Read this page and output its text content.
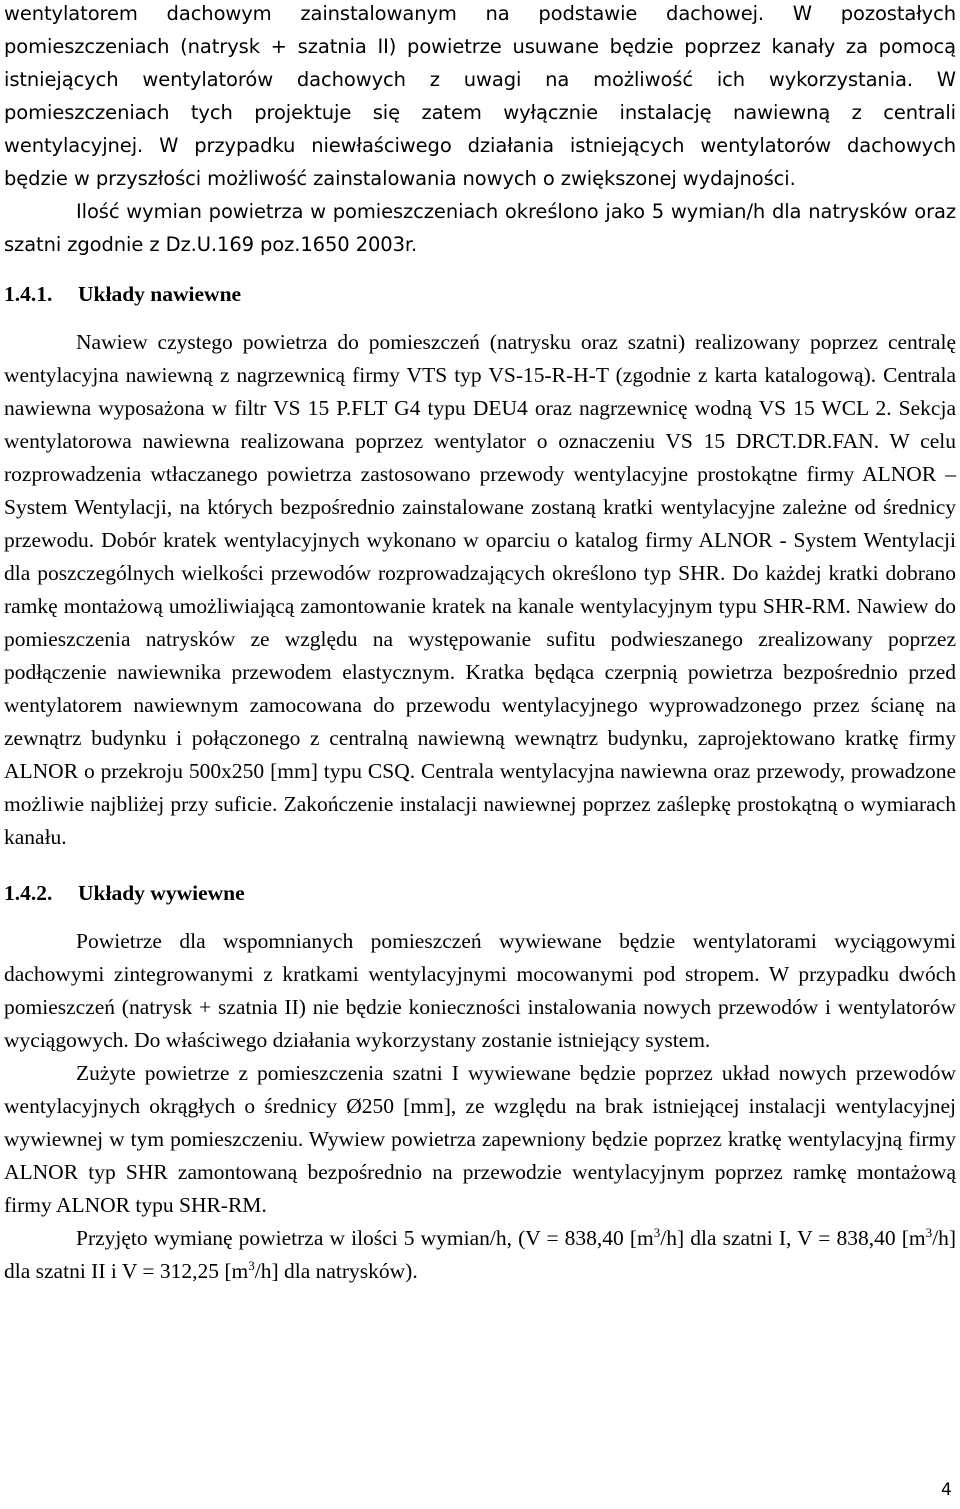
wentylatorem dachowym zainstalowanym na podstawie dachowej. W pozostałych pomieszczeniach (natrysk + szatnia II) powietrze usuwane będzie poprzez kanały za pomocą istniejących wentylatorów dachowych z uwagi na możliwość ich wykorzystania. W pomieszczeniach tych projektuje się zatem wyłącznie instalację nawiewną z centrali wentylacyjnej. W przypadku niewłaściwego działania istniejących wentylatorów dachowych będzie w przyszłości możliwość zainstalowania nowych o zwiększonej wydajności.

Ilość wymian powietrza w pomieszczeniach określono jako 5 wymian/h dla natrysków oraz szatni zgodnie z Dz.U.169 poz.1650 2003r.

1.4.1. Układy nawiewne

Nawiew czystego powietrza do pomieszczeń (natrysku oraz szatni) realizowany poprzez centralę wentylacyjna nawiewną z nagrzewnicą firmy VTS typ VS-15-R-H-T (zgodnie z karta katalogową). Centrala nawiewna wyposażona w filtr VS 15 P.FLT G4 typu DEU4 oraz nagrzewnicę wodną VS 15 WCL 2. Sekcja wentylatorowa nawiewna realizowana poprzez wentylator o oznaczeniu VS 15 DRCT.DR.FAN. W celu rozprowadzenia wtłaczanego powietrza zastosowano przewody wentylacyjne prostokątne firmy ALNOR – System Wentylacji, na których bezpośrednio zainstalowane zostaną kratki wentylacyjne zależne od średnicy przewodu. Dobór kratek wentylacyjnych wykonano w oparciu o katalog firmy ALNOR - System Wentylacji dla poszczególnych wielkości przewodów rozprowadzających określono typ SHR. Do każdej kratki dobrano ramkę montażową umożliwiającą zamontowanie kratek na kanale wentylacyjnym typu SHR-RM. Nawiew do pomieszczenia natrysków ze względu na występowanie sufitu podwieszanego zrealizowany poprzez podłączenie nawiewnika przewodem elastycznym. Kratka będąca czerpnią powietrza bezpośrednio przed wentylatorem nawiewnym zamocowana do przewodu wentylacyjnego wyprowadzonego przez ścianę na zewnątrz budynku i połączonego z centralną nawiewną wewnątrz budynku, zaprojektowano kratkę firmy ALNOR o przekroju 500x250 [mm] typu CSQ. Centrala wentylacyjna nawiewna oraz przewody, prowadzone możliwie najbliżej przy suficie. Zakończenie instalacji nawiewnej poprzez zaślepkę prostokątną o wymiarach kanału.

1.4.2. Układy wywiewne

Powietrze dla wspomnianych pomieszczeń wywiewane będzie wentylatorami wyciągowymi dachowymi zintegrowanymi z kratkami wentylacyjnymi mocowanymi pod stropem. W przypadku dwóch pomieszczeń (natrysk + szatnia II) nie będzie konieczności instalowania nowych przewodów i wentylatorów wyciągowych. Do właściwego działania wykorzystany zostanie istniejący system.

Zużyte powietrze z pomieszczenia szatni I wywiewane będzie poprzez układ nowych przewodów wentylacyjnych okrągłych o średnicy Ø250 [mm], ze względu na brak istniejącej instalacji wentylacyjnej wywiewnej w tym pomieszczeniu. Wywiew powietrza zapewniony będzie poprzez kratkę wentylacyjną firmy ALNOR typ SHR zamontowaną bezpośrednio na przewodzie wentylacyjnym poprzez ramkę montażową firmy ALNOR typu SHR-RM.

Przyjęto wymianę powietrza w ilości 5 wymian/h, (V = 838,40 $[m^3/h]$ dla szatni I, V = 838,40 $[m^3/h]$ dla szatni II i V = 312,25 $[m^3/h]$ dla natrysków).

4
